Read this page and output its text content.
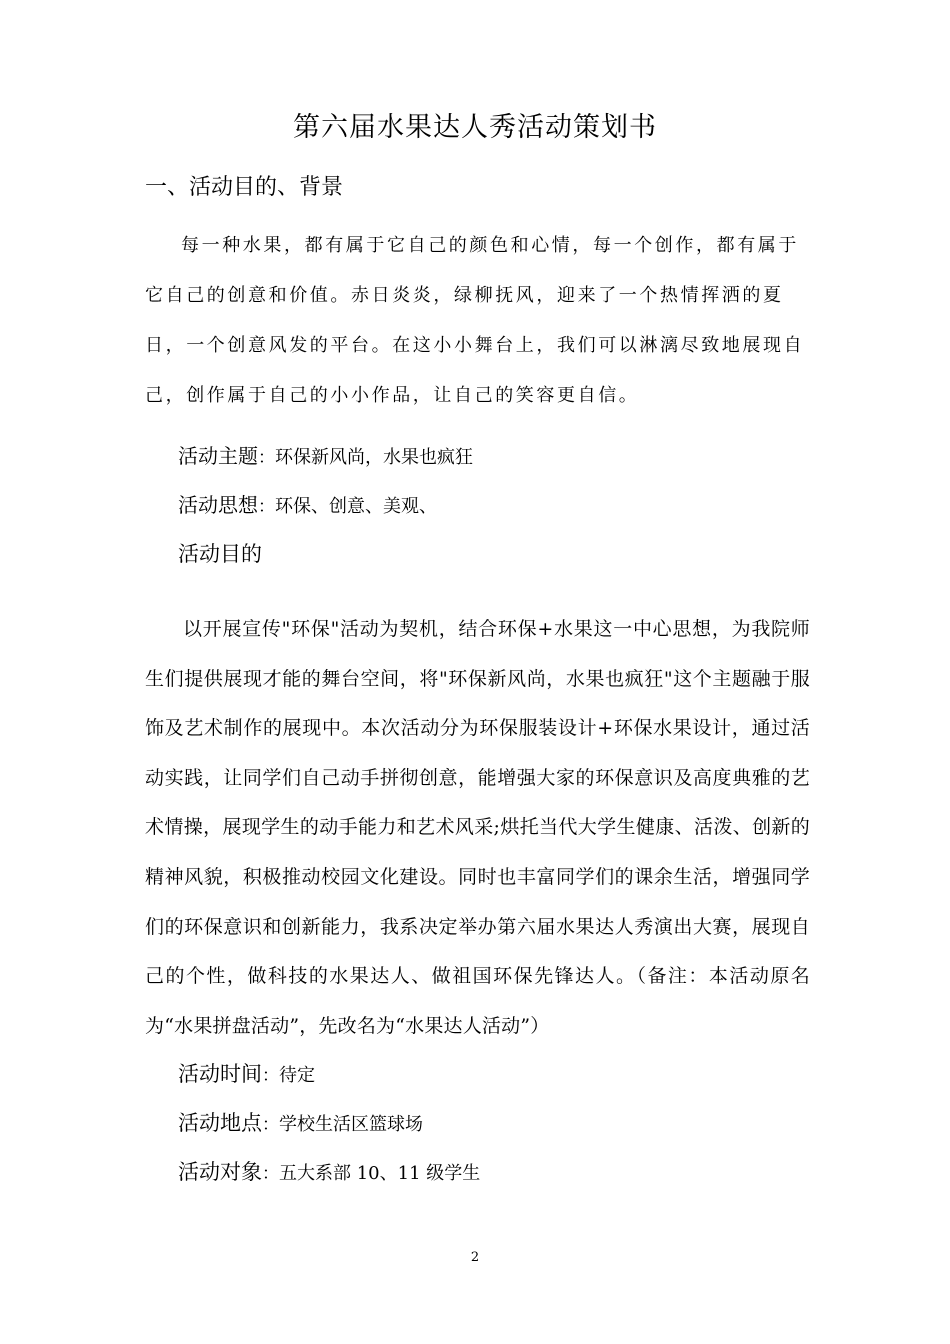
第六届水果达人秀活动策划书
一、活动目的、背景

每一种水果，都有属于它自己的颜色和心情，每一个创作，都有属于它自己的创意和价值。赤日炎炎，绿柳抚风，迎来了一个热情挥洒的夏日，一个创意风发的平台。在这小小舞台上，我们可以淋漓尽致地展现自己，创作属于自己的小小作品，让自己的笑容更自信。

活动主题：环保新风尚，水果也疯狂
活动思想：环保、创意、美观、
活动目的

以开展宣传"环保"活动为契机，结合环保+水果这一中心思想，为我院师生们提供展现才能的舞台空间，将"环保新风尚，水果也疯狂"这个主题融于服饰及艺术制作的展现中。本次活动分为环保服装设计+环保水果设计，通过活动实践，让同学们自己动手拼彻创意，能增强大家的环保意识及高度典雅的艺术情操，展现学生的动手能力和艺术风采;烘托当代大学生健康、活泼、创新的精神风貌，积极推动校园文化建设。同时也丰富同学们的课余生活，增强同学们的环保意识和创新能力，我系决定举办第六届水果达人秀演出大赛，展现自己的个性，做科技的水果达人、做祖国环保先锋达人。（备注：本活动原名为“水果拼盘活动”，先改名为“水果达人活动”）

活动时间：待定
活动地点：学校生活区篮球场
活动对象：五大系部 10、11 级学生
2
